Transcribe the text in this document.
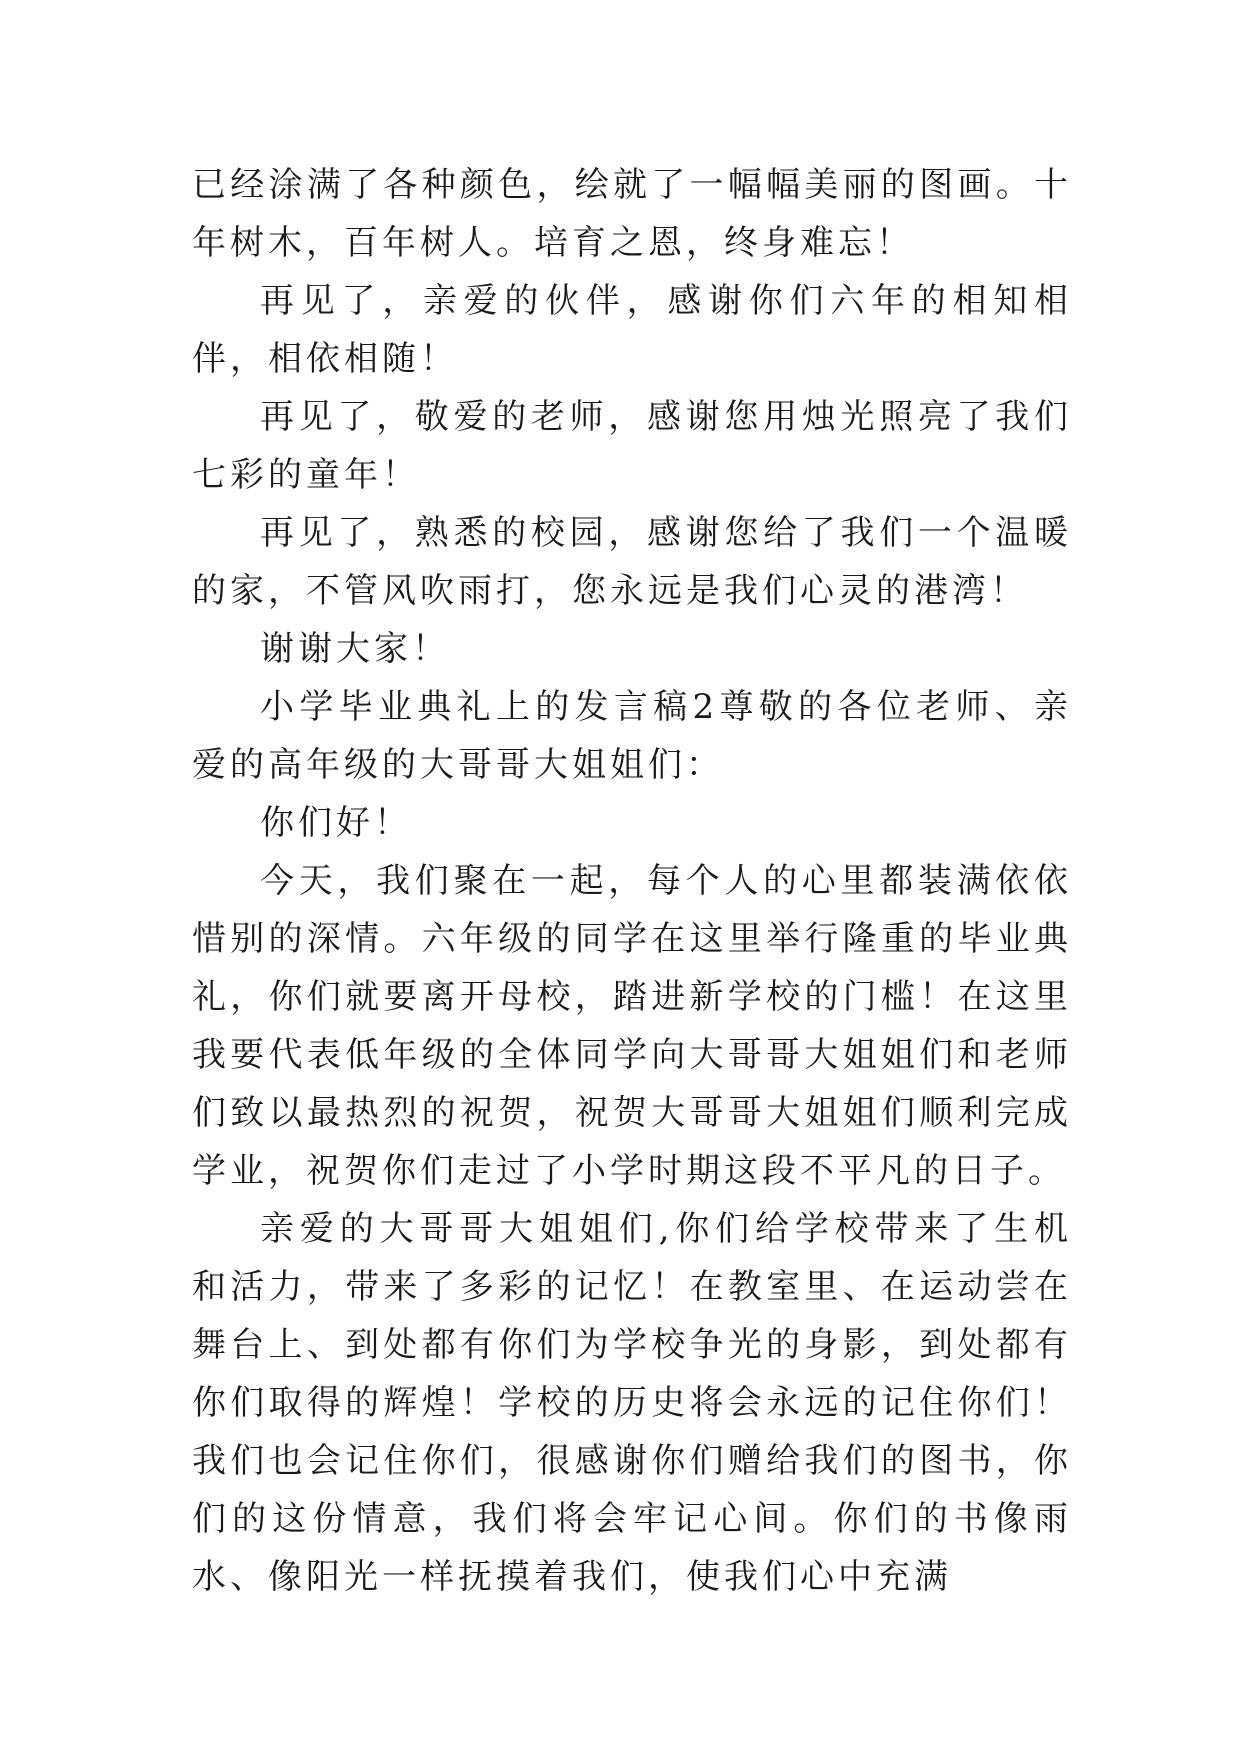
已经涂满了各种颜色，绘就了一幅幅美丽的图画。十年树木，百年树人。培育之恩，终身难忘！

再见了，亲爱的伙伴，感谢你们六年的相知相伴，相依相随！

再见了，敬爱的老师，感谢您用烛光照亮了我们七彩的童年！

再见了，熟悉的校园，感谢您给了我们一个温暖的家，不管风吹雨打，您永远是我们心灵的港湾！

谢谢大家！

小学毕业典礼上的发言稿2尊敬的各位老师、亲爱的高年级的大哥哥大姐姐们：

你们好！

今天，我们聚在一起，每个人的心里都装满依依惜别的深情。六年级的同学在这里举行隆重的毕业典礼，你们就要离开母校，踏进新学校的门槛！在这里我要代表低年级的全体同学向大哥哥大姐姐们和老师们致以最热烈的祝贺，祝贺大哥哥大姐姐们顺利完成学业，祝贺你们走过了小学时期这段不平凡的日子。

亲爱的大哥哥大姐姐们,你们给学校带来了生机和活力，带来了多彩的记忆！在教室里、在运动尝在舞台上、到处都有你们为学校争光的身影，到处都有你们取得的辉煌！学校的历史将会永远的记住你们！我们也会记住你们，很感谢你们赠给我们的图书，你们的这份情意，我们将会牢记心间。你们的书像雨水、像阳光一样抚摸着我们，使我们心中充满
